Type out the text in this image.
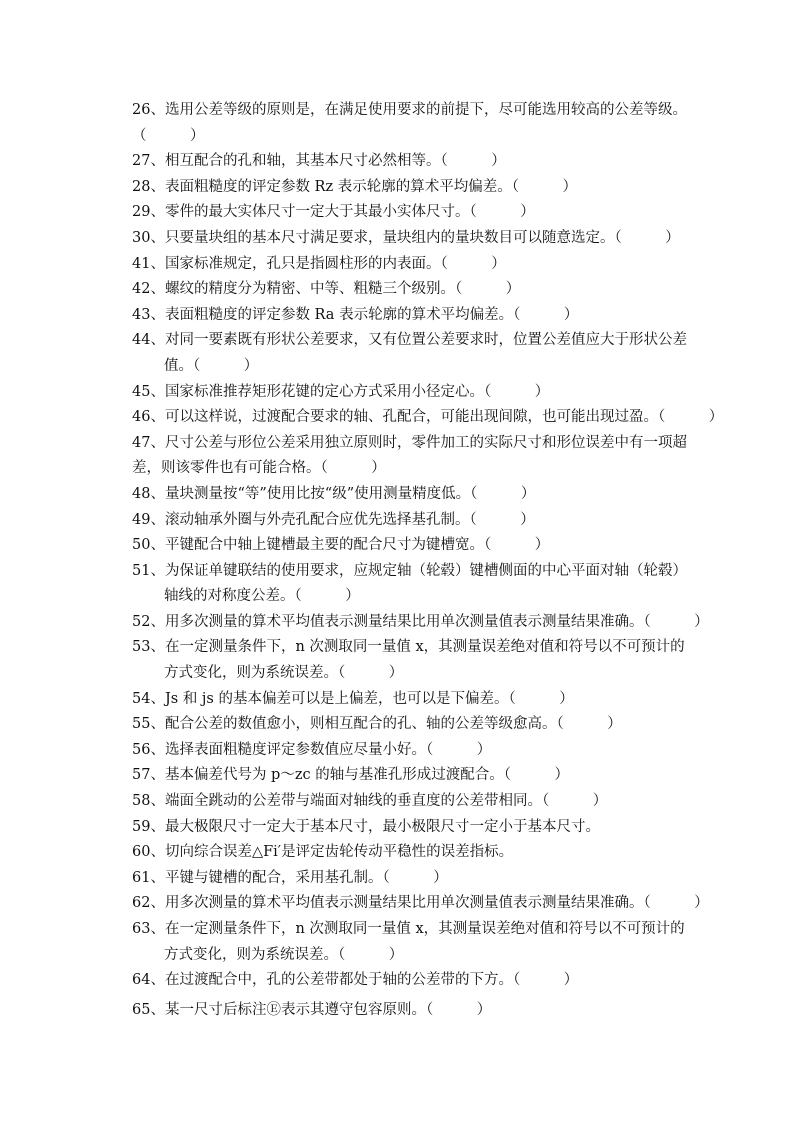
26、 选用公差等级的原则是，在满足使用要求的前提下，尽可能选用较高的公差等级。
（　　　）
27、 相互配合的孔和轴，其基本尺寸必然相等。（　　　）
28、 表面粗糙度的评定参数 Rz 表示轮廓的算术平均偏差。（　　　）
29、 零件的最大实体尺寸一定大于其最小实体尺寸。（　　　）
30、 只要量块组的基本尺寸满足要求，量块组内的量块数目可以随意选定。（　　　）
41、 国家标准规定，孔只是指圆柱形的内表面。（　　　）
42、 螺纹的精度分为精密、中等、粗糙三个级别。（　　　）
43、 表面粗糙度的评定参数 Ra 表示轮廓的算术平均偏差。（　　　）
44、 对同一要素既有形状公差要求，又有位置公差要求时，位置公差值应大于形状公差
值。（　　　）
45、 国家标准推荐矩形花键的定心方式采用小径定心。（　　　）
46、 可以这样说，过渡配合要求的轴、孔配合，可能出现间隙，也可能出现过盈。（　　　）
47、 尺寸公差与形位公差采用独立原则时，零件加工的实际尺寸和形位误差中有一项超
差，则该零件也有可能合格。（　　　）
48、 量块测量按“等”使用比按“级”使用测量精度低。（　　　）
49、 滚动轴承外圈与外壳孔配合应优先选择基孔制。（　　　）
50、 平键配合中轴上键槽最主要的配合尺寸为键槽宽。（　　　）
51、 为保证单键联结的使用要求，应规定轴（轮毂）键槽侧面的中心平面对轴（轮毂）
轴线的对称度公差。（　　　）
52、 用多次测量的算术平均值表示测量结果比用单次测量值表示测量结果准确。（　　　）
53、 在一定测量条件下，n 次测取同一量值 x，其测量误差绝对值和符号以不可预计的
方式变化，则为系统误差。（　　　）
54、 Js 和 js 的基本偏差可以是上偏差，也可以是下偏差。（　　　）
55、 配合公差的数值愈小，则相互配合的孔、轴的公差等级愈高。（　　　）
56、 选择表面粗糙度评定参数值应尽量小好。（　　　）
57、 基本偏差代号为 p～zc 的轴与基准孔形成过渡配合。（　　　）
58、 端面全跳动的公差带与端面对轴线的垂直度的公差带相同。（　　　）
59、 最大极限尺寸一定大于基本尺寸，最小极限尺寸一定小于基本尺寸。
60、 切向综合误差△Fi′是评定齿轮传动平稳性的误差指标。
61、 平键与键槽的配合，采用基孔制。（　　　）
62、 用多次测量的算术平均值表示测量结果比用单次测量值表示测量结果准确。（　　　）
63、 在一定测量条件下，n 次测取同一量值 x，其测量误差绝对值和符号以不可预计的
方式变化，则为系统误差。（　　　）
64、 在过渡配合中，孔的公差带都处于轴的公差带的下方。（　　　）
65、 某一尺寸后标注Ⓔ表示其遵守包容原则。（　　　）
